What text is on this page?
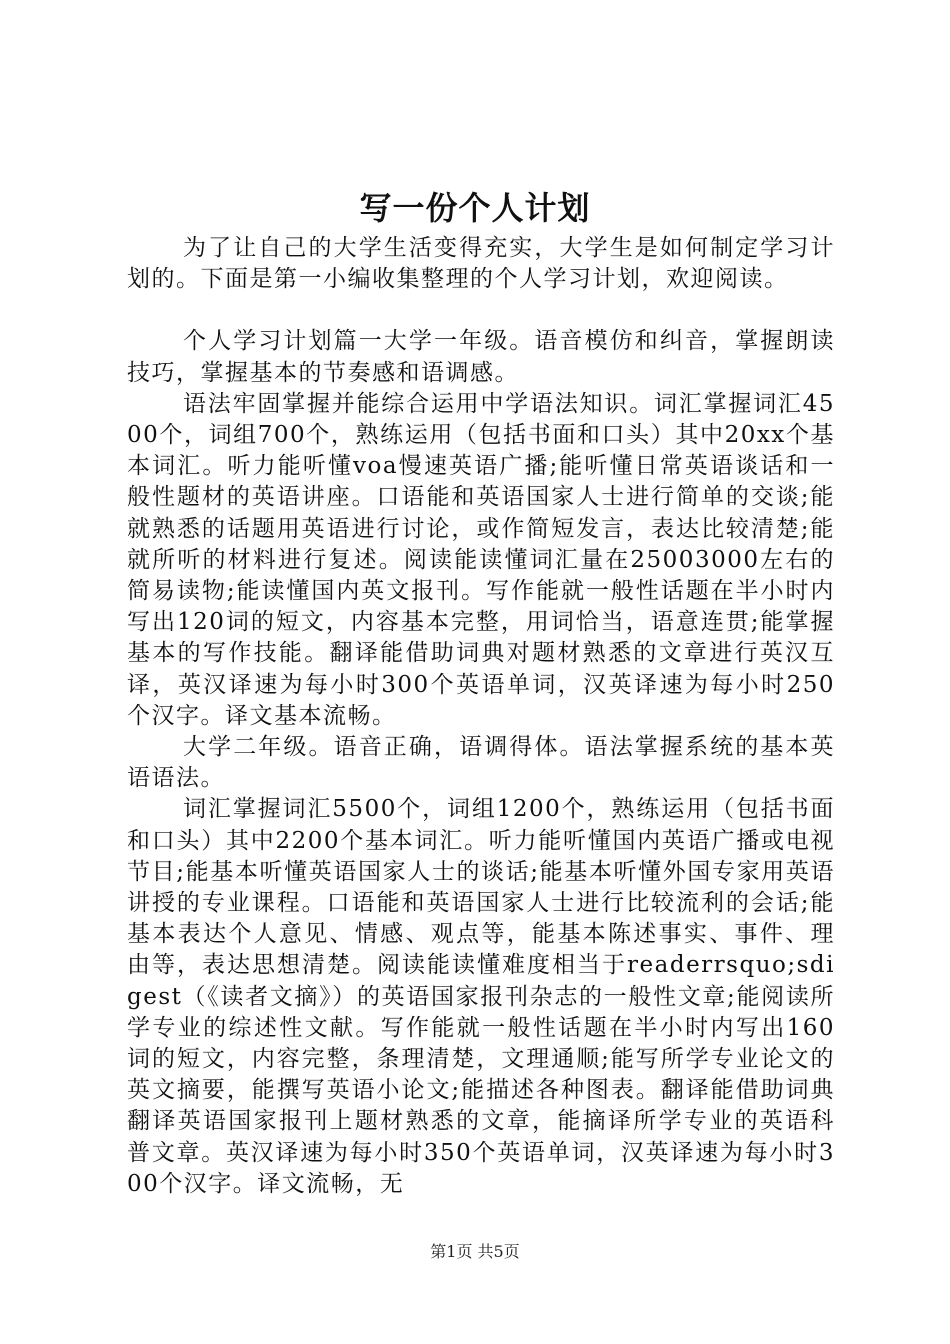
写一份个人计划

为了让自己的大学生活变得充实，大学生是如何制定学习计划的。下面是第一小编收集整理的个人学习计划，欢迎阅读。

个人学习计划篇一大学一年级。语音模仿和纠音，掌握朗读技巧，掌握基本的节奏感和语调感。

语法牢固掌握并能综合运用中学语法知识。词汇掌握词汇4500个，词组700个，熟练运用（包括书面和口头）其中20xx个基本词汇。听力能听懂voa慢速英语广播;能听懂日常英语谈话和一般性题材的英语讲座。口语能和英语国家人士进行简单的交谈;能就熟悉的话题用英语进行讨论，或作简短发言，表达比较清楚;能就所听的材料进行复述。阅读能读懂词汇量在25003000左右的简易读物;能读懂国内英文报刊。写作能就一般性话题在半小时内写出120词的短文，内容基本完整，用词恰当，语意连贯;能掌握基本的写作技能。翻译能借助词典对题材熟悉的文章进行英汉互译，英汉译速为每小时300个英语单词，汉英译速为每小时250个汉字。译文基本流畅。

大学二年级。语音正确，语调得体。语法掌握系统的基本英语语法。

词汇掌握词汇5500个，词组1200个，熟练运用（包括书面和口头）其中2200个基本词汇。听力能听懂国内英语广播或电视节目;能基本听懂英语国家人士的谈话;能基本听懂外国专家用英语讲授的专业课程。口语能和英语国家人士进行比较流利的会话;能基本表达个人意见、情感、观点等，能基本陈述事实、事件、理由等，表达思想清楚。阅读能读懂难度相当于readerrsquo;sdigest（《读者文摘》）的英语国家报刊杂志的一般性文章;能阅读所学专业的综述性文献。写作能就一般性话题在半小时内写出160词的短文，内容完整，条理清楚，文理通顺;能写所学专业论文的英文摘要，能撰写英语小论文;能描述各种图表。翻译能借助词典翻译英语国家报刊上题材熟悉的文章，能摘译所学专业的英语科普文章。英汉译速为每小时350个英语单词，汉英译速为每小时300个汉字。译文流畅，无

第1页 共5页
